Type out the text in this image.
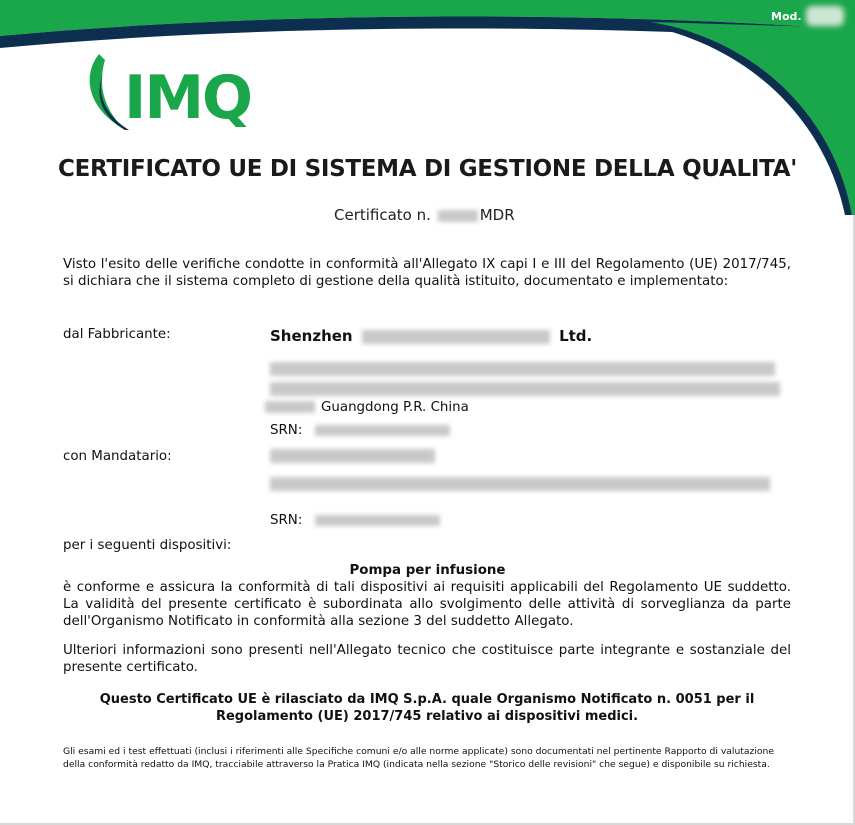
Mod.
IMQ
CERTIFICATO UE DI SISTEMA DI GESTIONE DELLA QUALITA'
Certificato n.	MDR
Visto l'esito delle verifiche condotte in conformità all'Allegato IX capi I e III del Regolamento (UE) 2017/745, si dichiara che il sistema completo di gestione della qualità istituito, documentato e implementato:
dal Fabbricante:	Shenzhen	Ltd.
Guangdong P.R. China
SRN:
con Mandatario:
SRN:
per i seguenti dispositivi:
Pompa per infusione
è conforme e assicura la conformità di tali dispositivi ai requisiti applicabili del Regolamento UE suddetto. La validità del presente certificato è subordinata allo svolgimento delle attività di sorveglianza da parte dell'Organismo Notificato in conformità alla sezione 3 del suddetto Allegato.
Ulteriori informazioni sono presenti nell'Allegato tecnico che costituisce parte integrante e sostanziale del presente certificato.
Questo Certificato UE è rilasciato da IMQ S.p.A. quale Organismo Notificato n. 0051 per il Regolamento (UE) 2017/745 relativo ai dispositivi medici.
Gli esami ed i test effettuati (inclusi i riferimenti alle Specifiche comuni e/o alle norme applicate) sono documentati nel pertinente Rapporto di valutazione della conformità redatto da IMQ, tracciabile attraverso la Pratica IMQ (indicata nella sezione "Storico delle revisioni" che segue) e disponibile su richiesta.
